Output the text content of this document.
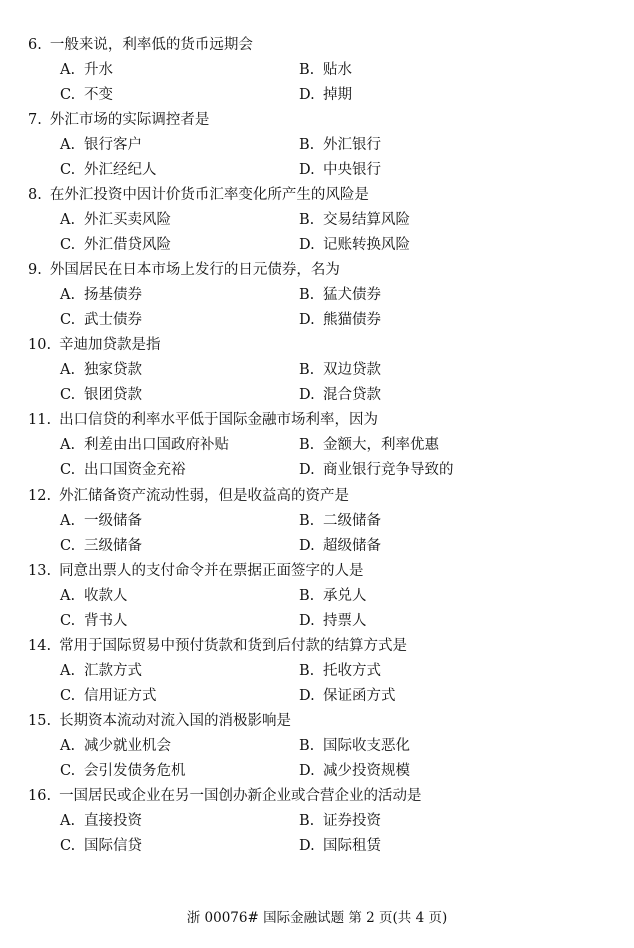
6. 一般来说，利率低的货币远期会
A. 升水	B. 贴水
C. 不变	D. 掉期
7. 外汇市场的实际调控者是
A. 银行客户	B. 外汇银行
C. 外汇经纪人	D. 中央银行
8. 在外汇投资中因计价货币汇率变化所产生的风险是
A. 外汇买卖风险	B. 交易结算风险
C. 外汇借贷风险	D. 记账转换风险
9. 外国居民在日本市场上发行的日元债券，名为
A. 扬基债券	B. 猛犬债券
C. 武士债券	D. 熊猫债券
10. 辛迪加贷款是指
A. 独家贷款	B. 双边贷款
C. 银团贷款	D. 混合贷款
11. 出口信贷的利率水平低于国际金融市场利率，因为
A. 利差由出口国政府补贴	B. 金额大，利率优惠
C. 出口国资金充裕	D. 商业银行竞争导致的
12. 外汇储备资产流动性弱，但是收益高的资产是
A. 一级储备	B. 二级储备
C. 三级储备	D. 超级储备
13. 同意出票人的支付命令并在票据正面签字的人是
A. 收款人	B. 承兑人
C. 背书人	D. 持票人
14. 常用于国际贸易中预付货款和货到后付款的结算方式是
A. 汇款方式	B. 托收方式
C. 信用证方式	D. 保证函方式
15. 长期资本流动对流入国的消极影响是
A. 减少就业机会	B. 国际收支恶化
C. 会引发债务危机	D. 减少投资规模
16. 一国居民或企业在另一国创办新企业或合营企业的活动是
A. 直接投资	B. 证券投资
C. 国际信贷	D. 国际租赁
浙 00076# 国际金融试题 第 2 页(共 4 页)
